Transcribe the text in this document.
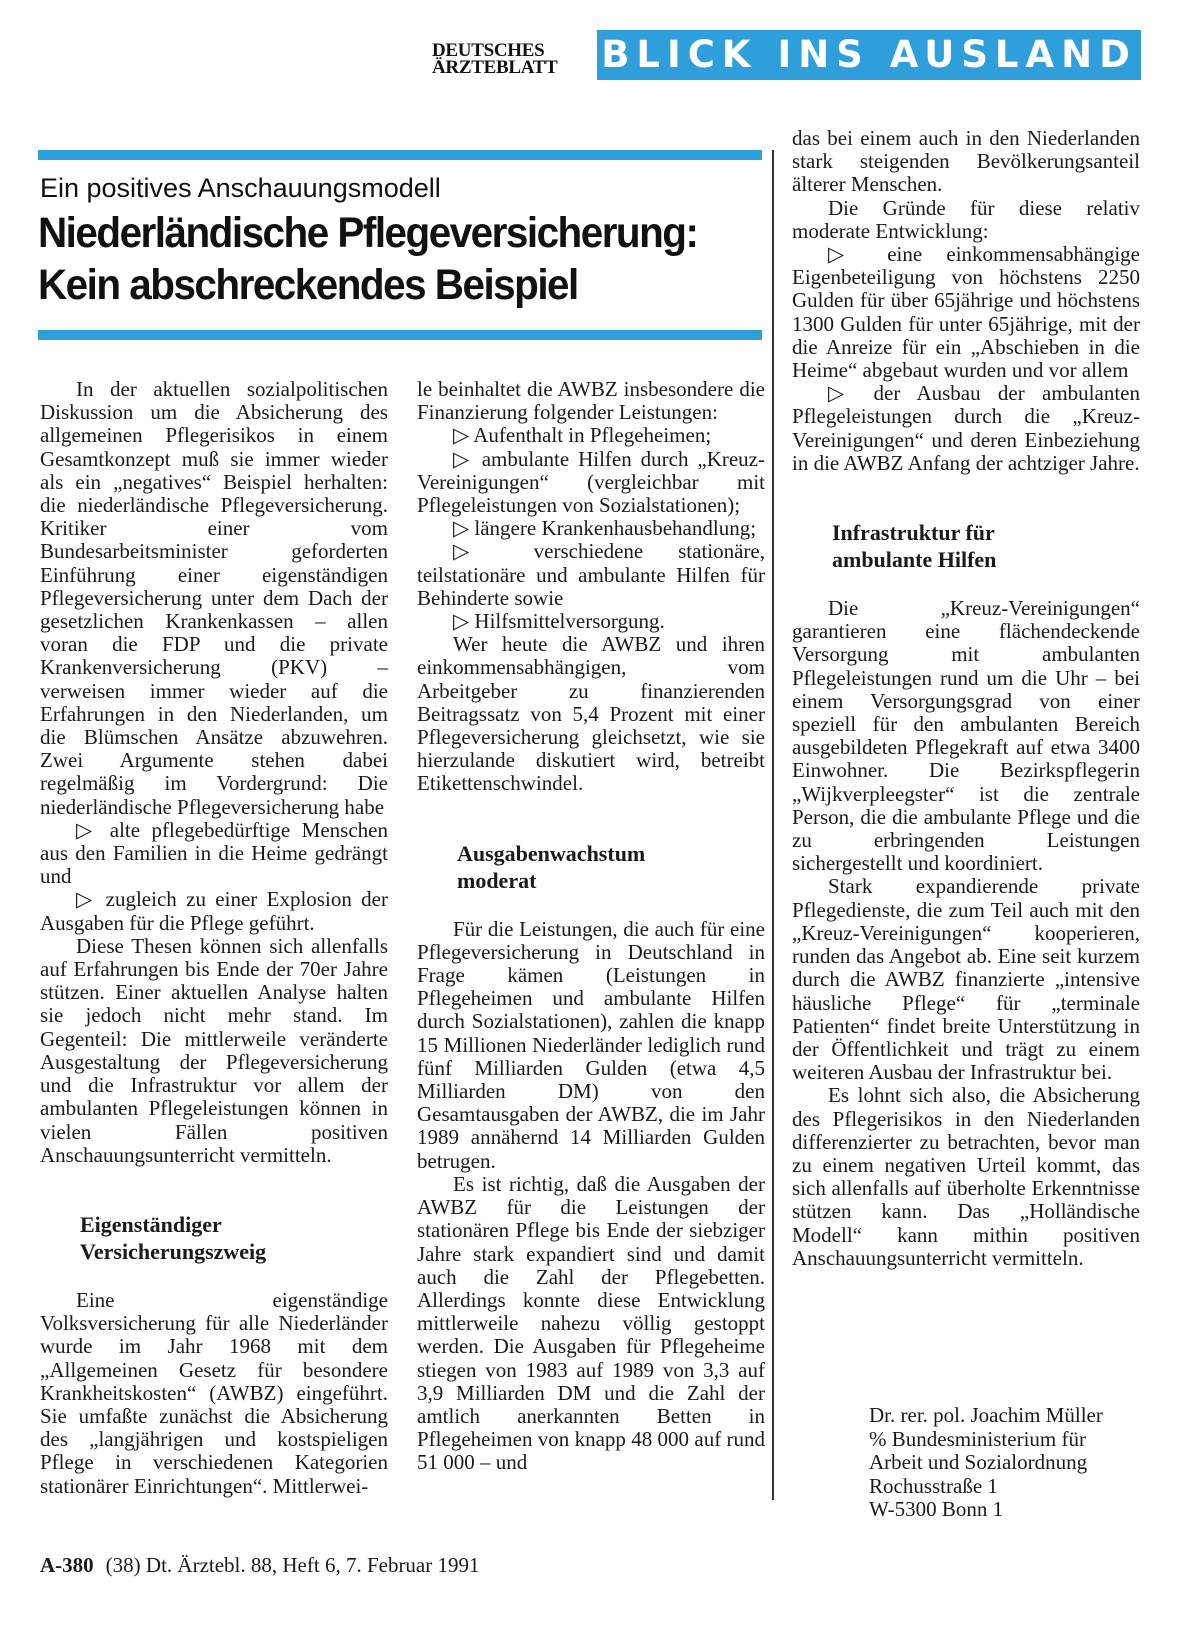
DEUTSCHES
ÄRZTEBLATT	BLICK INS AUSLAND
Ein positives Anschauungsmodell
Niederländische Pflegeversicherung:
Kein abschreckendes Beispiel

In der aktuellen sozialpolitischen Diskussion um die Absicherung des allgemeinen Pflegerisikos in einem Gesamtkonzept muß sie immer wieder als ein „negatives“ Beispiel herhalten: die niederländische Pflegeversicherung. Kritiker einer vom Bundesarbeitsminister geforderten Einführung einer eigenständigen Pflegeversicherung unter dem Dach der gesetzlichen Krankenkassen – allen voran die FDP und die private Krankenversicherung (PKV) – verweisen immer wieder auf die Erfahrungen in den Niederlanden, um die Blümschen Ansätze abzuwehren. Zwei Argumente stehen dabei regelmäßig im Vordergrund: Die niederländische Pflegeversicherung habe

▷ alte pflegebedürftige Menschen aus den Familien in die Heime gedrängt und

▷ zugleich zu einer Explosion der Ausgaben für die Pflege geführt.

Diese Thesen können sich allenfalls auf Erfahrungen bis Ende der 70er Jahre stützen. Einer aktuellen Analyse halten sie jedoch nicht mehr stand. Im Gegenteil: Die mittlerweile veränderte Ausgestaltung der Pflegeversicherung und die Infrastruktur vor allem der ambulanten Pflegeleistungen können in vielen Fällen positiven Anschauungsunterricht vermitteln.

Eigenständiger
Versicherungszweig

Eine eigenständige Volksversicherung für alle Niederländer wurde im Jahr 1968 mit dem „Allgemeinen Gesetz für besondere Krankheitskosten“ (AWBZ) eingeführt. Sie umfaßte zunächst die Absicherung des „langjährigen und kostspieligen Pflege in verschiedenen Kategorien stationärer Einrichtungen“. Mittlerwei-

le beinhaltet die AWBZ insbesondere die Finanzierung folgender Leistungen:

▷ Aufenthalt in Pflegeheimen;

▷ ambulante Hilfen durch „Kreuz-Vereinigungen“ (vergleichbar mit Pflegeleistungen von Sozialstationen);

▷ längere Krankenhausbehandlung;

▷ verschiedene stationäre, teilstationäre und ambulante Hilfen für Behinderte sowie

▷ Hilfsmittelversorgung.

Wer heute die AWBZ und ihren einkommensabhängigen, vom Arbeitgeber zu finanzierenden Beitragssatz von 5,4 Prozent mit einer Pflegeversicherung gleichsetzt, wie sie hierzulande diskutiert wird, betreibt Etikettenschwindel.

Ausgabenwachstum
moderat

Für die Leistungen, die auch für eine Pflegeversicherung in Deutschland in Frage kämen (Leistungen in Pflegeheimen und ambulante Hilfen durch Sozialstationen), zahlen die knapp 15 Millionen Niederländer lediglich rund fünf Milliarden Gulden (etwa 4,5 Milliarden DM) von den Gesamtausgaben der AWBZ, die im Jahr 1989 annähernd 14 Milliarden Gulden betrugen.

Es ist richtig, daß die Ausgaben der AWBZ für die Leistungen der stationären Pflege bis Ende der siebziger Jahre stark expandiert sind und damit auch die Zahl der Pflegebetten. Allerdings konnte diese Entwicklung mittlerweile nahezu völlig gestoppt werden. Die Ausgaben für Pflegeheime stiegen von 1983 auf 1989 von 3,3 auf 3,9 Milliarden DM und die Zahl der amtlich anerkannten Betten in Pflegeheimen von knapp 48 000 auf rund 51 000 – und

das bei einem auch in den Niederlanden stark steigenden Bevölkerungsanteil älterer Menschen.

Die Gründe für diese relativ moderate Entwicklung:

▷ eine einkommensabhängige Eigenbeteiligung von höchstens 2250 Gulden für über 65jährige und höchstens 1300 Gulden für unter 65jährige, mit der die Anreize für ein „Abschieben in die Heime“ abgebaut wurden und vor allem

▷ der Ausbau der ambulanten Pflegeleistungen durch die „Kreuz-Vereinigungen“ und deren Einbeziehung in die AWBZ Anfang der achtziger Jahre.

Infrastruktur für
ambulante Hilfen

Die „Kreuz-Vereinigungen“ garantieren eine flächendeckende Versorgung mit ambulanten Pflegeleistungen rund um die Uhr – bei einem Versorgungsgrad von einer speziell für den ambulanten Bereich ausgebildeten Pflegekraft auf etwa 3400 Einwohner. Die Bezirkspflegerin „Wijkverpleegster“ ist die zentrale Person, die die ambulante Pflege und die zu erbringenden Leistungen sichergestellt und koordiniert.

Stark expandierende private Pflegedienste, die zum Teil auch mit den „Kreuz-Vereinigungen“ kooperieren, runden das Angebot ab. Eine seit kurzem durch die AWBZ finanzierte „intensive häusliche Pflege“ für „terminale Patienten“ findet breite Unterstützung in der Öffentlichkeit und trägt zu einem weiteren Ausbau der Infrastruktur bei.

Es lohnt sich also, die Absicherung des Pflegerisikos in den Niederlanden differenzierter zu betrachten, bevor man zu einem negativen Urteil kommt, das sich allenfalls auf überholte Erkenntnisse stützen kann. Das „Holländische Modell“ kann mithin positiven Anschauungsunterricht vermitteln.

Dr. rer. pol. Joachim Müller
% Bundesministerium für
Arbeit und Sozialordnung
Rochusstraße 1
W-5300 Bonn 1
A-380 (38) Dt. Ärztebl. 88, Heft 6, 7. Februar 1991
